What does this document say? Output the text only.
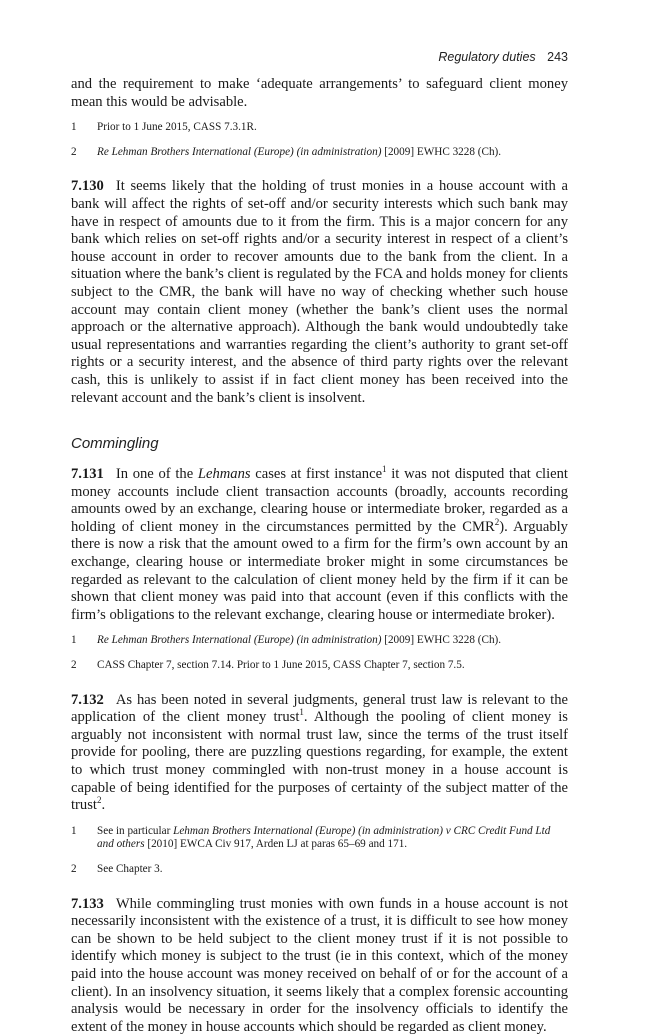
Regulatory duties 243

and the requirement to make ‘adequate arrangements’ to safeguard client money mean this would be advisable.

1	Prior to 1 June 2015, CASS 7.3.1R.
2	Re Lehman Brothers International (Europe) (in administration) [2009] EWHC 3228 (Ch).

7.130 It seems likely that the holding of trust monies in a house account with a bank will affect the rights of set-off and/or security interests which such bank may have in respect of amounts due to it from the firm. This is a major concern for any bank which relies on set-off rights and/or a security interest in respect of a client’s house account in order to recover amounts due to the bank from the client. In a situation where the bank’s client is regulated by the FCA and holds money for clients subject to the CMR, the bank will have no way of checking whether such house account may contain client money (whether the bank’s client uses the normal approach or the alternative approach). Although the bank would undoubtedly take usual representations and warranties regarding the client’s authority to grant set-off rights or a security interest, and the absence of third party rights over the relevant cash, this is unlikely to assist if in fact client money has been received into the relevant account and the bank’s client is insolvent.

Commingling

7.131 In one of the Lehmans cases at first instance$^1$ it was not disputed that client money accounts include client transaction accounts (broadly, accounts recording amounts owed by an exchange, clearing house or intermediate broker, regarded as a holding of client money in the circumstances permitted by the CMR$^2$). Arguably there is now a risk that the amount owed to a firm for the firm’s own account by an exchange, clearing house or intermediate broker might in some circumstances be regarded as relevant to the calculation of client money held by the firm if it can be shown that client money was paid into that account (even if this conflicts with the firm’s obligations to the relevant exchange, clearing house or intermediate broker).

1	Re Lehman Brothers International (Europe) (in administration) [2009] EWHC 3228 (Ch).
2	CASS Chapter 7, section 7.14. Prior to 1 June 2015, CASS Chapter 7, section 7.5.

7.132 As has been noted in several judgments, general trust law is relevant to the application of the client money trust$^1$. Although the pooling of client money is arguably not inconsistent with normal trust law, since the terms of the trust itself provide for pooling, there are puzzling questions regarding, for example, the extent to which trust money commingled with non-trust money in a house account is capable of being identified for the purposes of certainty of the subject matter of the trust$^2$.

1	See in particular Lehman Brothers International (Europe) (in administration) v CRC Credit Fund Ltd and others [2010] EWCA Civ 917, Arden LJ at paras 65–69 and 171.
2	See Chapter 3.

7.133 While commingling trust monies with own funds in a house account is not necessarily inconsistent with the existence of a trust, it is difficult to see how money can be shown to be held subject to the client money trust if it is not possible to identify which money is subject to the trust (ie in this context, which of the money paid into the house account was money received on behalf of or for the account of a client). In an insolvency situation, it seems likely that a complex forensic accounting analysis would be necessary in order for the insolvency officials to identify the extent of the money in house accounts which should be regarded as client money.
